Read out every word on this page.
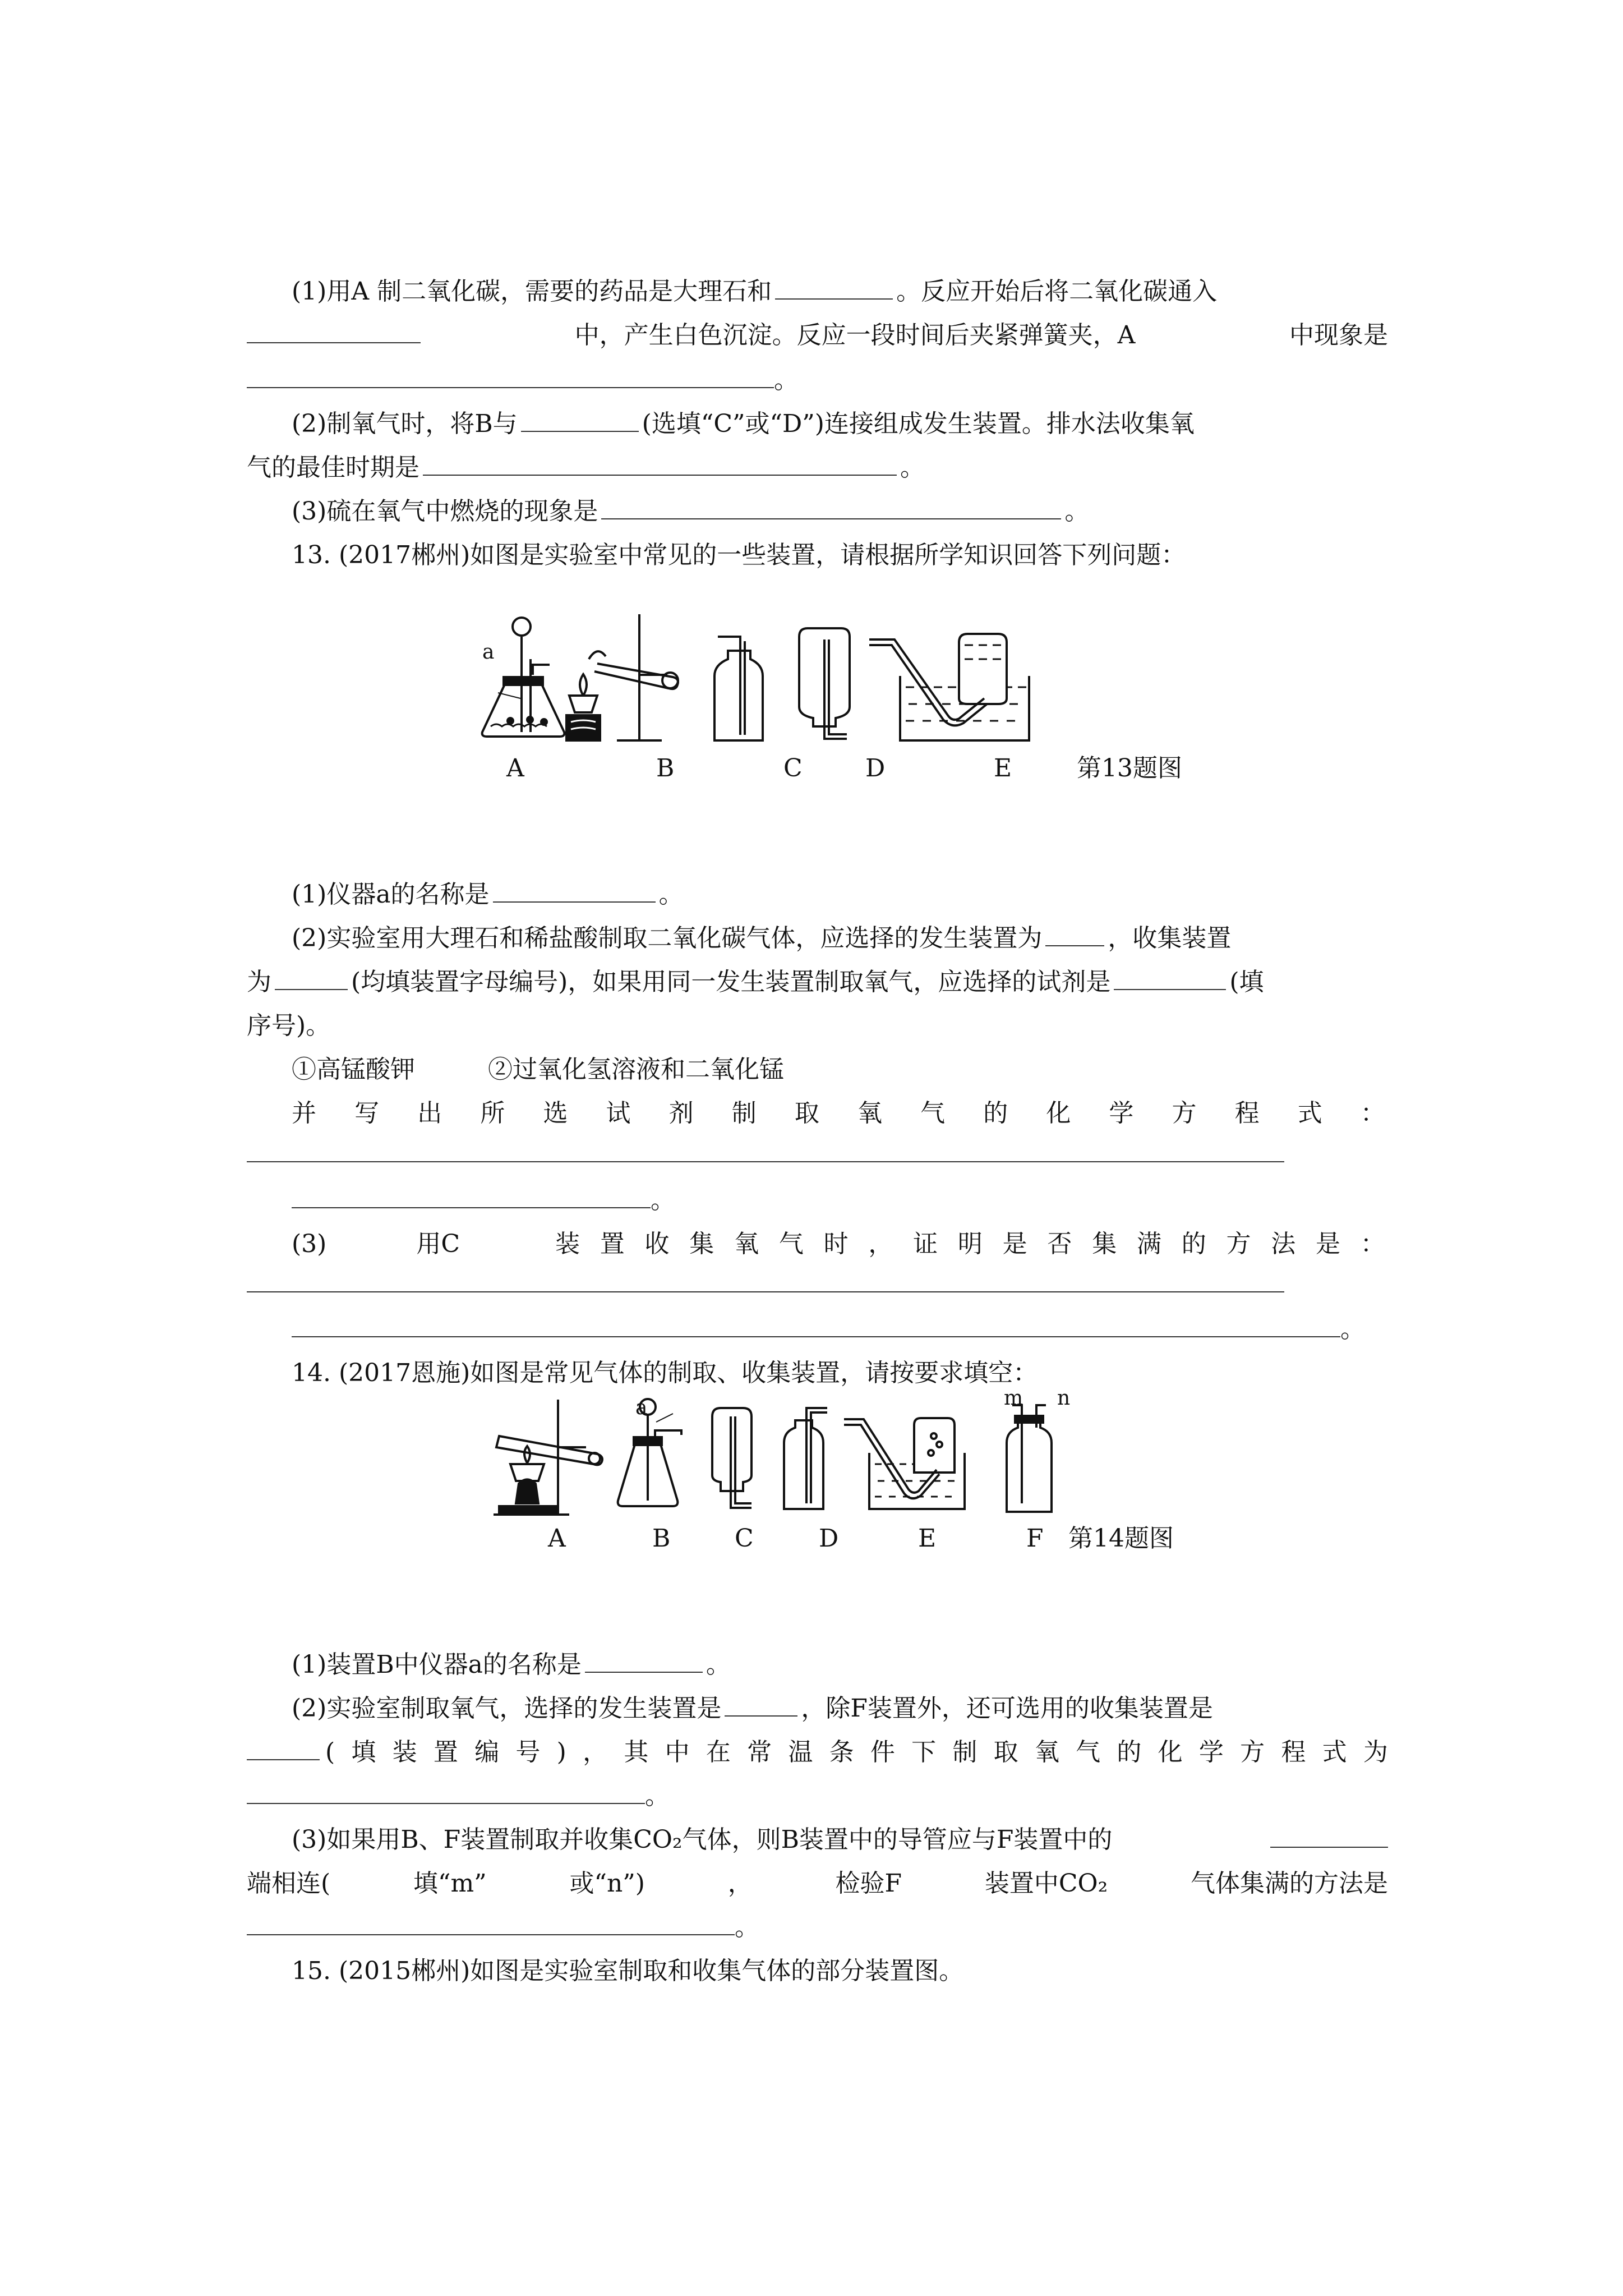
(1)用A 制二氧化碳，需要的药品是大理石和	。反应开始后将二氧化碳通入
中，产生白色沉淀。反应一段时间后夹紧弹簧夹，A	中现象是
。
(2)制氧气时，将B与	(选填“C”或“D”)连接组成发生装置。排水法收集氧
气的最佳时期是	。
(3)硫在氧气中燃烧的现象是	。
13. (2017郴州)如图是实验室中常见的一些装置，请根据所学知识回答下列问题：
A	B	C	D	E	第13题图
a
(1)仪器a的名称是	。
(2)实验室用大理石和稀盐酸制取二氧化碳气体，应选择的发生装置为	，收集装置
为	(均填装置字母编号)，如果用同一发生装置制取氧气，应选择的试剂是	(填
序号)。
①高锰酸钾	②过氧化氢溶液和二氧化锰
并 写 出 所 选 试 剂 制 取 氧 气 的 化 学 方 程 式 ：
。
(3)	用C	装 置 收 集 氧 气 时 ， 证 明 是 否 集 满 的 方 法 是 ：
。
14. (2017恩施)如图是常见气体的制取、收集装置，请按要求填空：
a	m n
A	B	C	D	E	F 第14题图
(1)装置B中仪器a的名称是	。
(2)实验室制取氧气，选择的发生装置是	，除F装置外，还可选用的收集装置是
( 填 装 置 编 号 ) ， 其 中 在 常 温 条 件 下 制 取 氧 气 的 化 学 方 程 式 为
。
(3)如果用B、F装置制取并收集CO₂气体，则B装置中的导管应与F装置中的
端相连(	填“m”	或“n”)	，	检验F	装置中CO₂	气体集满的方法是
。
15. (2015郴州)如图是实验室制取和收集气体的部分装置图。
